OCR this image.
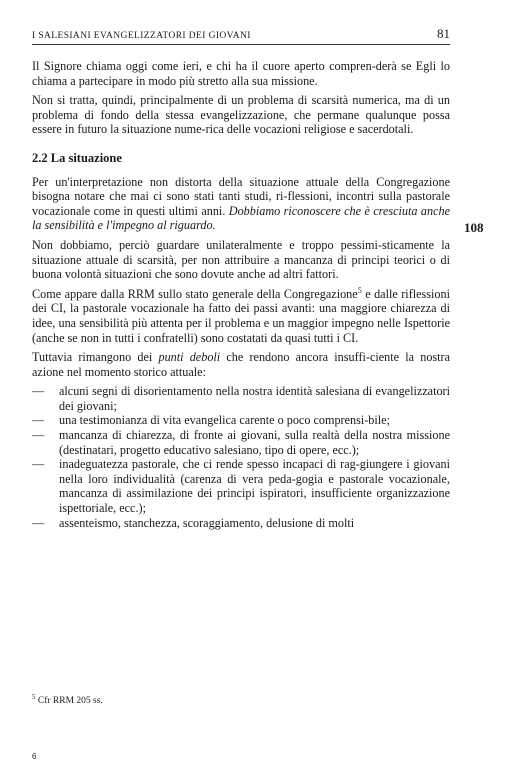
I SALESIANI EVANGELIZZATORI DEI GIOVANI	81

Il Signore chiama oggi come ieri, e chi ha il cuore aperto compren-derà se Egli lo chiama a partecipare in modo più stretto alla sua missione.

Non si tratta, quindi, principalmente di un problema di scarsità numerica, ma di un problema di fondo della stessa evangelizzazione, che permane qualunque possa essere in futuro la situazione nume-rica delle vocazioni religiose e sacerdotali.

2.2 La situazione

Per un'interpretazione non distorta della situazione attuale della Congregazione bisogna notare che mai ci sono stati tanti studi, ri-flessioni, incontri sulla pastorale vocazionale come in questi ultimi anni. Dobbiamo riconoscere che è cresciuta anche la sensibilità e l'impegno al riguardo.

Non dobbiamo, perciò guardare unilateralmente e troppo pessimi-sticamente la situazione attuale di scarsità, per non attribuire a mancanza di principi teorici o di buona volontà situazioni che sono dovute anche ad altri fattori.

Come appare dalla RRM sullo stato generale della Congregazione$^5$ e dalle riflessioni dei CI, la pastorale vocazionale ha fatto dei passi avanti: una maggiore chiarezza di idee, una sensibilità più attenta per il problema e un maggior impegno nelle Ispettorie (anche se non in tutti i confratelli) sono costatati da quasi tutti i CI.

Tuttavia rimangono dei punti deboli che rendono ancora insuffi-ciente la nostra azione nel momento storico attuale:

— alcuni segni di disorientamento nella nostra identità salesiana di evangelizzatori dei giovani;
— una testimonianza di vita evangelica carente o poco comprensi-bile;
— mancanza di chiarezza, di fronte ai giovani, sulla realtà della nostra missione (destinatari, progetto educativo salesiano, tipo di opere, ecc.);
— inadeguatezza pastorale, che ci rende spesso incapaci di rag-giungere i giovani nella loro individualità (carenza di vera peda-gogia e pastorale vocazionale, mancanza di assimilazione dei principi ispiratori, insufficiente organizzazione ispettoriale, ecc.);
— assenteismo, stanchezza, scoraggiamento, delusione di molti
108
$^5$ Cfr RRM 205 ss.
6
